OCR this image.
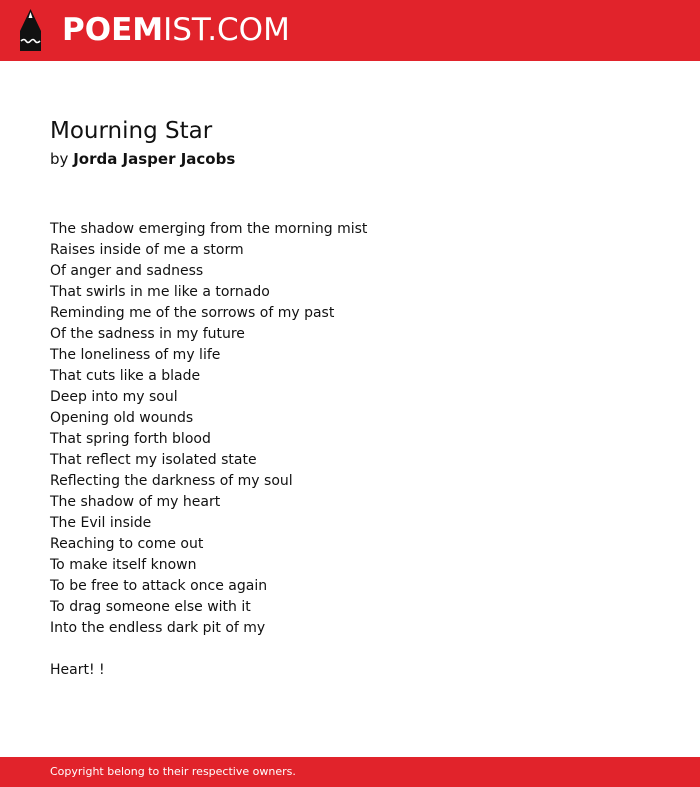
POEMIST.COM
Mourning Star
by Jorda Jasper Jacobs
The shadow emerging from the morning mist
Raises inside of me a storm
Of anger and sadness
That swirls in me like a tornado
Reminding me of the sorrows of my past
Of the sadness in my future
The loneliness of my life
That cuts like a blade
Deep into my soul
Opening old wounds
That spring forth blood
That reflect my isolated state
Reflecting the darkness of my soul
The shadow of my heart
The Evil inside
Reaching to come out
To make itself known
To be free to attack once again
To drag someone else with it
Into the endless dark pit of my
Heart! !
Copyright belong to their respective owners.
